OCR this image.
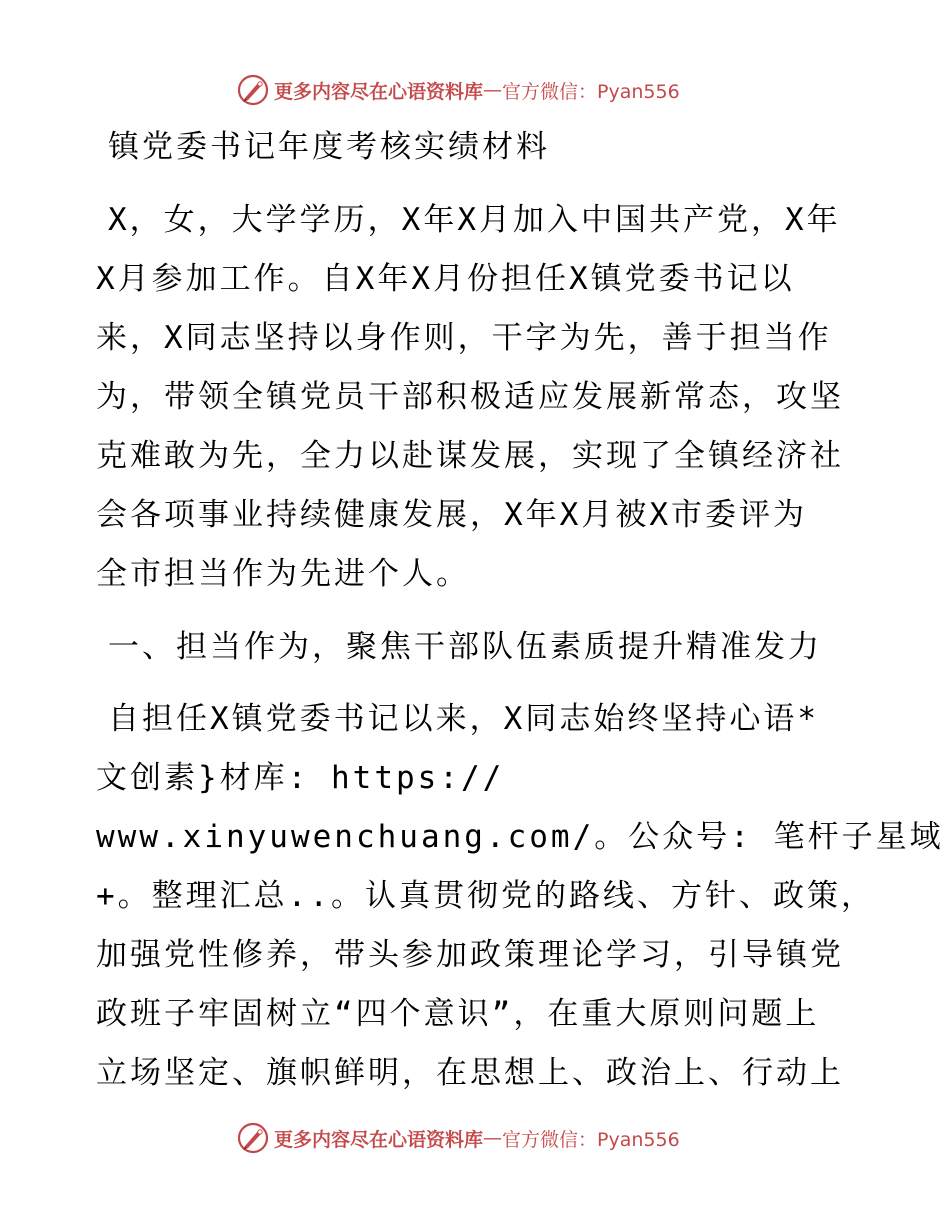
更多内容尽在心语资料库 — 官方微信：Pyan556
镇党委书记年度考核实绩材料
X，女，大学学历，X年X月加入中国共产党，X年
X月参加工作。自X年X月份担任X镇党委书记以
来，X同志坚持以身作则，干字为先，善于担当作
为，带领全镇党员干部积极适应发展新常态，攻坚
克难敢为先，全力以赴谋发展，实现了全镇经济社
会各项事业持续健康发展，X年X月被X市委评为
全市担当作为先进个人。
一、担当作为，聚焦干部队伍素质提升精准发力
自担任X镇党委书记以来，X同志始终坚持心语*
文创素}材库: https://
www.xinyuwenchuang.com/。公众号: 笔杆子星域
+。整理汇总..。认真贯彻党的路线、方针、政策，
加强党性修养，带头参加政策理论学习，引导镇党
政班子牢固树立“四个意识”，在重大原则问题上
立场坚定、旗帜鲜明，在思想上、政治上、行动上
更多内容尽在心语资料库 — 官方微信：Pyan556
